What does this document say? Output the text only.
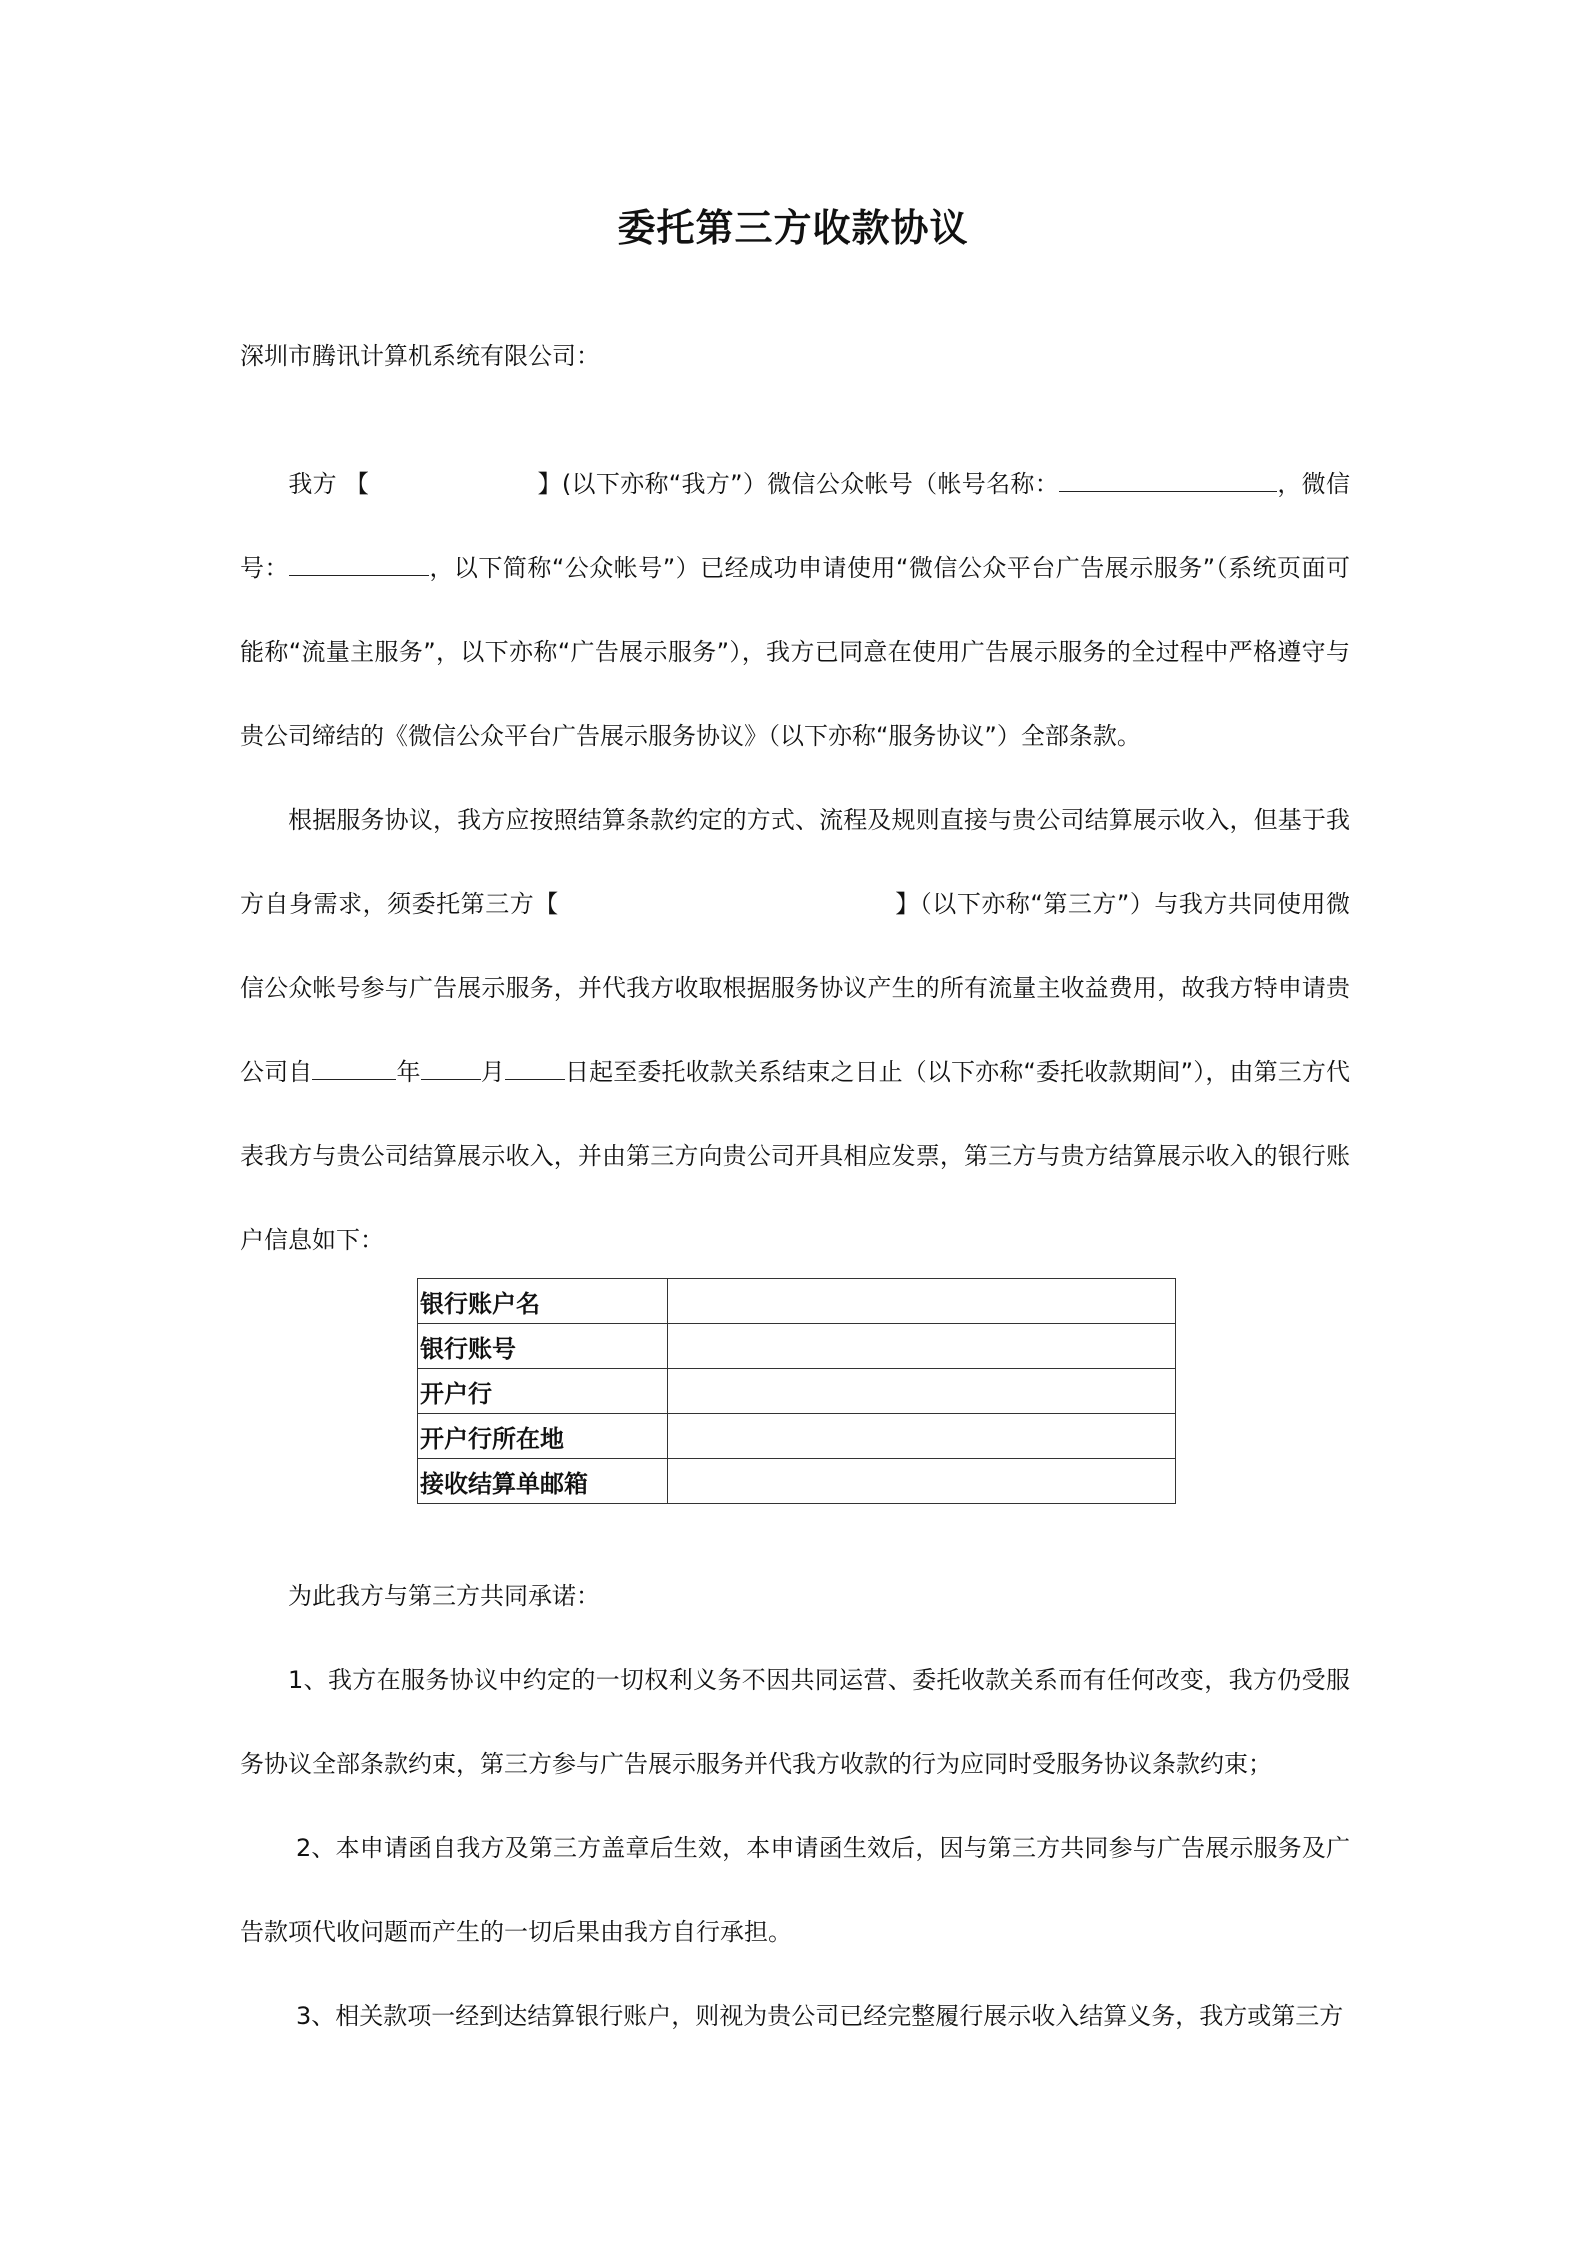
委托第三方收款协议
深圳市腾讯计算机系统有限公司：
我方 【	】(以下亦称“我方”）微信公众帐号（帐号名称：	，微信号：	，以下简称“公众帐号”）已经成功申请使用“微信公众平台广告展示服务”（系统页面可能称“流量主服务”，以下亦称“广告展示服务”），我方已同意在使用广告展示服务的全过程中严格遵守与贵公司缔结的《微信公众平台广告展示服务协议》（以下亦称“服务协议”）全部条款。
根据服务协议，我方应按照结算条款约定的方式、流程及规则直接与贵公司结算展示收入，但基于我方自身需求，须委托第三方【	】（以下亦称“第三方”）与我方共同使用微信公众帐号参与广告展示服务，并代我方收取根据服务协议产生的所有流量主收益费用，故我方特申请贵公司自	年	月	日起至委托收款关系结束之日止（以下亦称“委托收款期间”），由第三方代表我方与贵公司结算展示收入，并由第三方向贵公司开具相应发票，第三方与贵方结算展示收入的银行账户信息如下：
银行账户名	
银行账号	
开户行	
开户行所在地	
接收结算单邮箱	
为此我方与第三方共同承诺：
1、我方在服务协议中约定的一切权利义务不因共同运营、委托收款关系而有任何改变，我方仍受服务协议全部条款约束，第三方参与广告展示服务并代我方收款的行为应同时受服务协议条款约束；
2、本申请函自我方及第三方盖章后生效，本申请函生效后，因与第三方共同参与广告展示服务及广告款项代收问题而产生的一切后果由我方自行承担。
3、相关款项一经到达结算银行账户，则视为贵公司已经完整履行展示收入结算义务，我方或第三方
